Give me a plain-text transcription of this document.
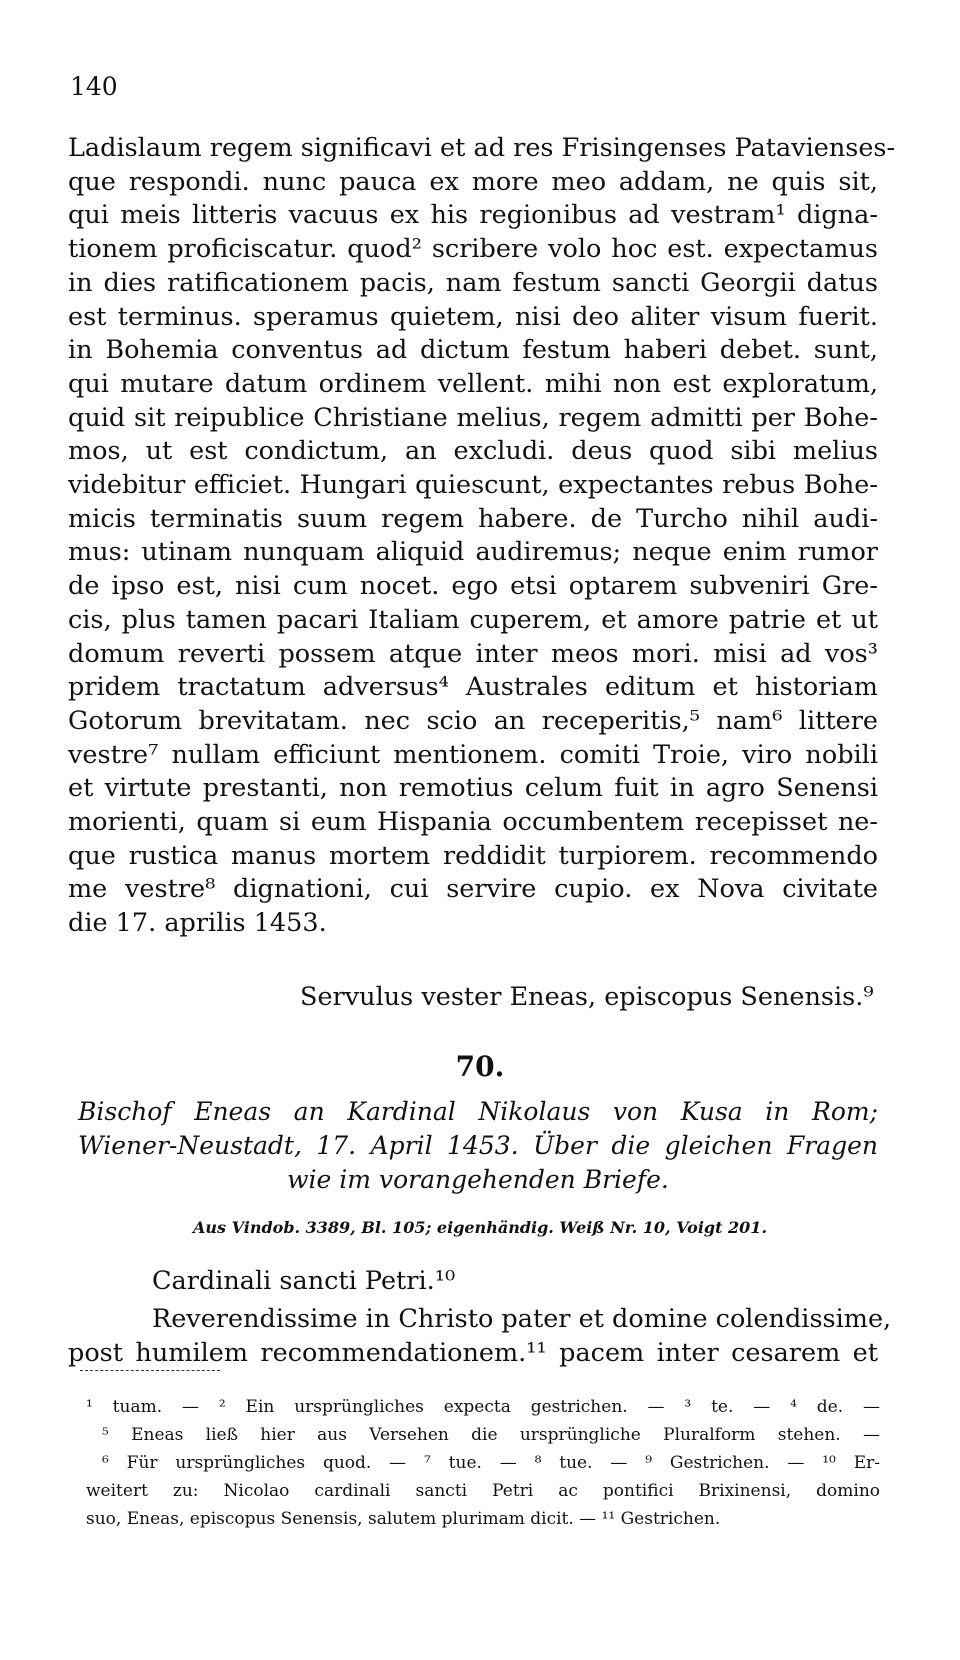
140
Ladislaum regem significavi et ad res Frisingenses Patavienses-
que respondi. nunc pauca ex more meo addam, ne quis sit,
qui meis litteris vacuus ex his regionibus ad vestram¹ digna-
tionem proficiscatur. quod² scribere volo hoc est. expectamus
in dies ratificationem pacis, nam festum sancti Georgii datus
est terminus. speramus quietem, nisi deo aliter visum fuerit.
in Bohemia conventus ad dictum festum haberi debet. sunt,
qui mutare datum ordinem vellent. mihi non est exploratum,
quid sit reipublice Christiane melius, regem admitti per Bohe-
mos, ut est condictum, an excludi. deus quod sibi melius
videbitur efficiet. Hungari quiescunt, expectantes rebus Bohe-
micis terminatis suum regem habere. de Turcho nihil audi-
mus: utinam nunquam aliquid audiremus; neque enim rumor
de ipso est, nisi cum nocet. ego etsi optarem subveniri Gre-
cis, plus tamen pacari Italiam cuperem, et amore patrie et ut
domum reverti possem atque inter meos mori. misi ad vos³
pridem tractatum adversus⁴ Australes editum et historiam
Gotorum brevitatam. nec scio an receperitis,⁵ nam⁶ littere
vestre⁷ nullam efficiunt mentionem. comiti Troie, viro nobili
et virtute prestanti, non remotius celum fuit in agro Senensi
morienti, quam si eum Hispania occumbentem recepisset ne-
que rustica manus mortem reddidit turpiorem. recommendo
me vestre⁸ dignationi, cui servire cupio. ex Nova civitate
die 17. aprilis 1453.
Servulus vester Eneas, episcopus Senensis.⁹
70.
Bischof Eneas an Kardinal Nikolaus von Kusa in Rom;
Wiener-Neustadt, 17. April 1453. Über die gleichen Fragen
wie im vorangehenden Briefe.
Aus Vindob. 3389, Bl. 105; eigenhändig. Weiß Nr. 10, Voigt 201.
Cardinali sancti Petri.¹⁰
Reverendissime in Christo pater et domine colendissime,
post humilem recommendationem.¹¹ pacem inter cesarem et
¹ tuam. — ² Ein ursprüngliches expecta gestrichen. — ³ te. — ⁴ de. —
⁵ Eneas ließ hier aus Versehen die ursprüngliche Pluralform stehen. —
⁶ Für ursprüngliches quod. — ⁷ tue. — ⁸ tue. — ⁹ Gestrichen. — ¹⁰ Er-
weitert zu: Nicolao cardinali sancti Petri ac pontifici Brixinensi, domino
suo, Eneas, episcopus Senensis, salutem plurimam dicit. — ¹¹ Gestrichen.
